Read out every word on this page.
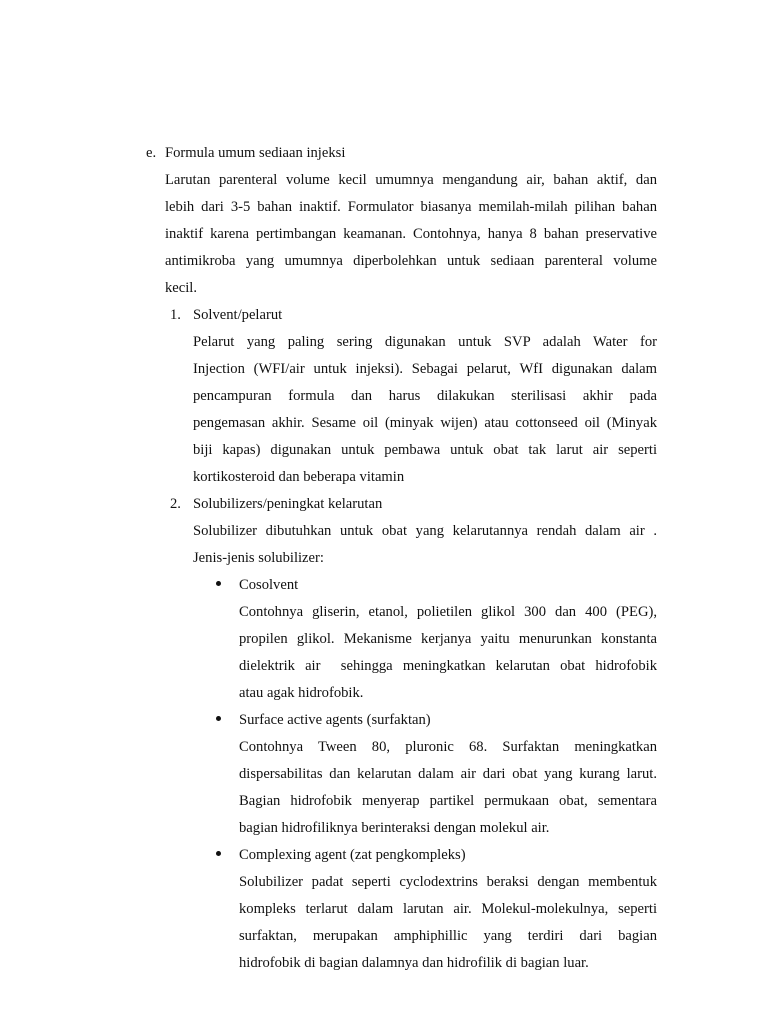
e. Formula umum sediaan injeksi
Larutan parenteral volume kecil umumnya mengandung air, bahan aktif, dan
lebih dari 3-5 bahan inaktif. Formulator biasanya memilah-milah pilihan bahan
inaktif karena pertimbangan keamanan. Contohnya, hanya 8 bahan preservative
antimikroba yang umumnya diperbolehkan untuk sediaan parenteral volume
kecil.
1. Solvent/pelarut
Pelarut yang paling sering digunakan untuk SVP adalah Water for
Injection (WFI/air untuk injeksi). Sebagai pelarut, WfI digunakan dalam
pencampuran formula dan harus dilakukan sterilisasi akhir pada
pengemasan akhir. Sesame oil (minyak wijen) atau cottonseed oil (Minyak
biji kapas) digunakan untuk pembawa untuk obat tak larut air seperti
kortikosteroid dan beberapa vitamin
2. Solubilizers/peningkat kelarutan
Solubilizer dibutuhkan untuk obat yang kelarutannya rendah dalam air .
Jenis-jenis solubilizer:
Cosolvent
Contohnya gliserin, etanol, polietilen glikol 300 dan 400 (PEG),
propilen glikol. Mekanisme kerjanya yaitu menurunkan konstanta
dielektrik air  sehingga meningkatkan kelarutan obat hidrofobik
atau agak hidrofobik.
Surface active agents (surfaktan)
Contohnya Tween 80, pluronic 68. Surfaktan meningkatkan
dispersabilitas dan kelarutan dalam air dari obat yang kurang larut.
Bagian hidrofobik menyerap partikel permukaan obat, sementara
bagian hidrofiliknya berinteraksi dengan molekul air.
Complexing agent (zat pengkompleks)
Solubilizer padat seperti cyclodextrins beraksi dengan membentuk
kompleks terlarut dalam larutan air. Molekul-molekulnya, seperti
surfaktan, merupakan amphiphillic yang terdiri dari bagian
hidrofobik di bagian dalamnya dan hidrofilik di bagian luar.
